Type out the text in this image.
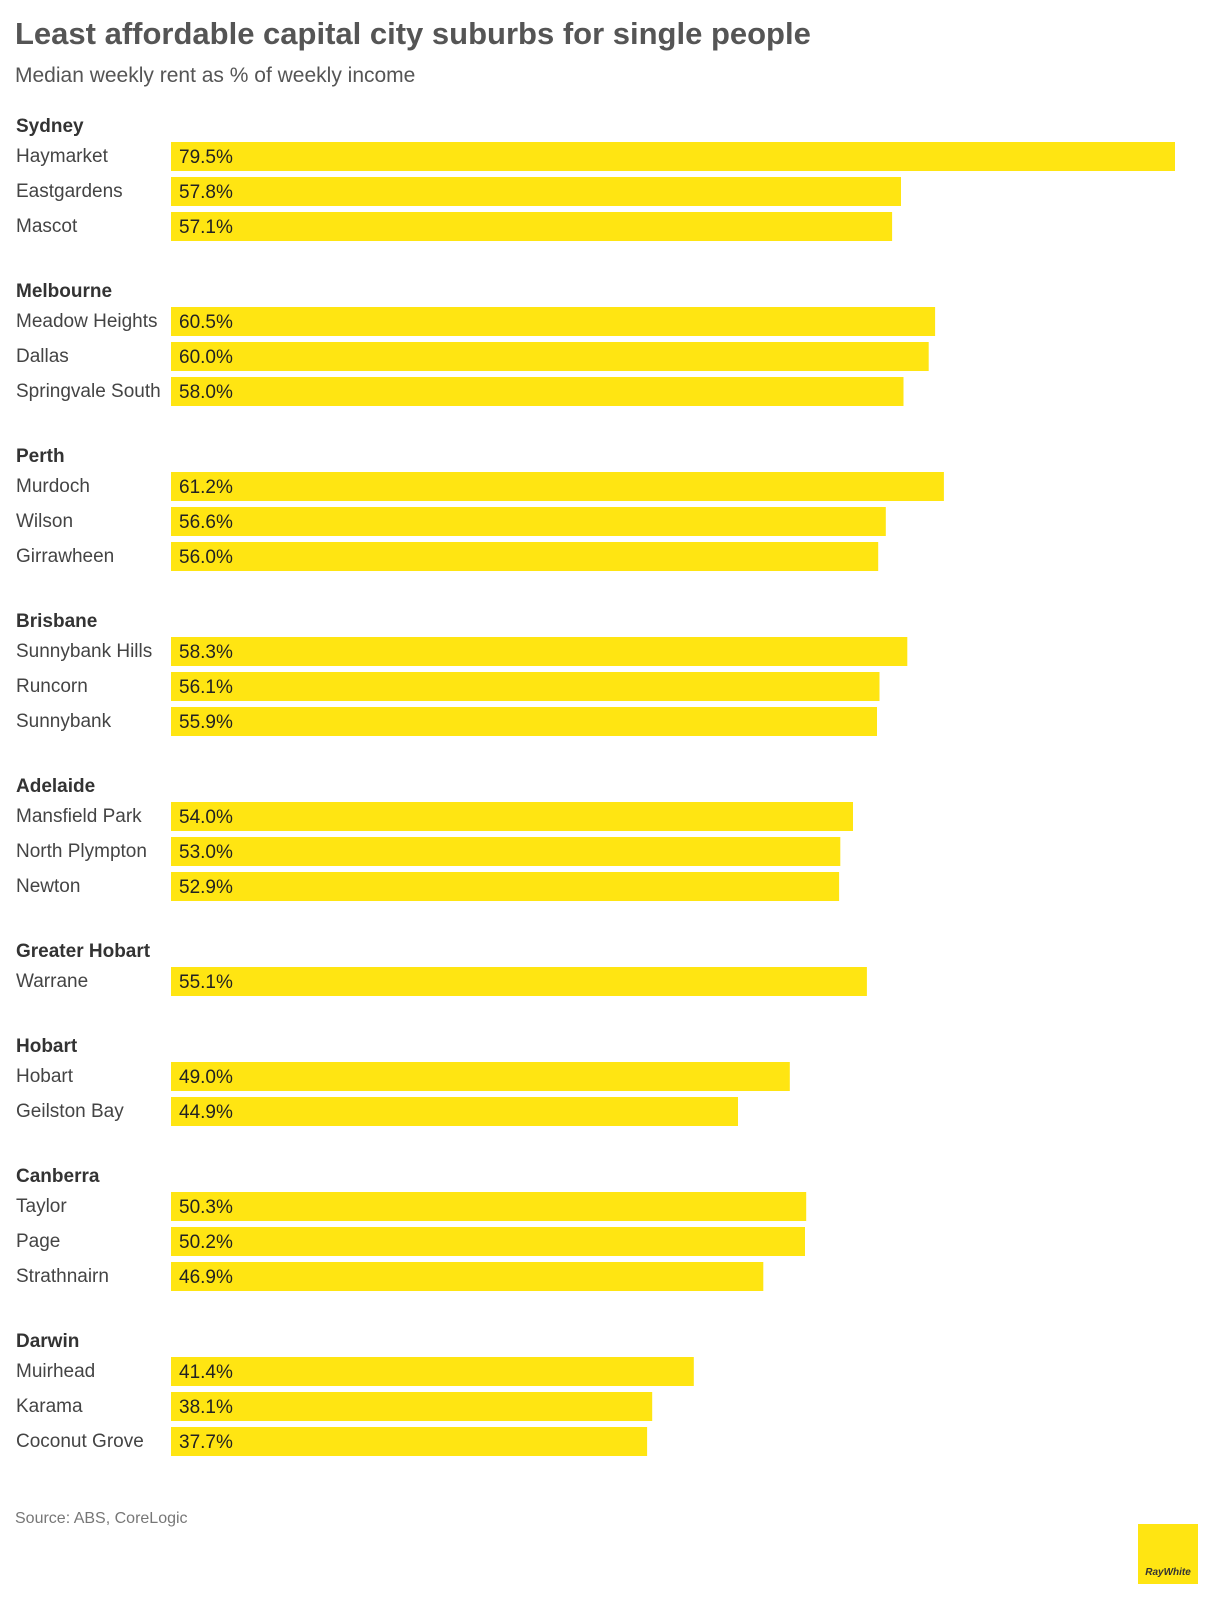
Least affordable capital city suburbs for single people
Median weekly rent as % of weekly income
Sydney
Haymarket	79.5%
Eastgardens	57.8%
Mascot	57.1%
Melbourne
Meadow Heights 60.5%
Dallas	60.0%
Springvale South 58.0%
Perth
Murdoch	61.2%
Wilson	56.6%
Girrawheen	56.0%
Brisbane
Sunnybank Hills 58.3%
Runcorn	56.1%
Sunnybank	55.9%
Adelaide
Mansfield Park 54.0%
North Plympton 53.0%
Newton	52.9%
Greater Hobart
Warrane	55.1%
Hobart
Hobart	49.0%
Geilston Bay	44.9%
Canberra
Taylor	50.3%
Page	50.2%
Strathnairn	46.9%
Darwin
Muirhead	41.4%
Karama	38.1%
Coconut Grove 37.7%
Source: ABS, CoreLogic
RayWhite
